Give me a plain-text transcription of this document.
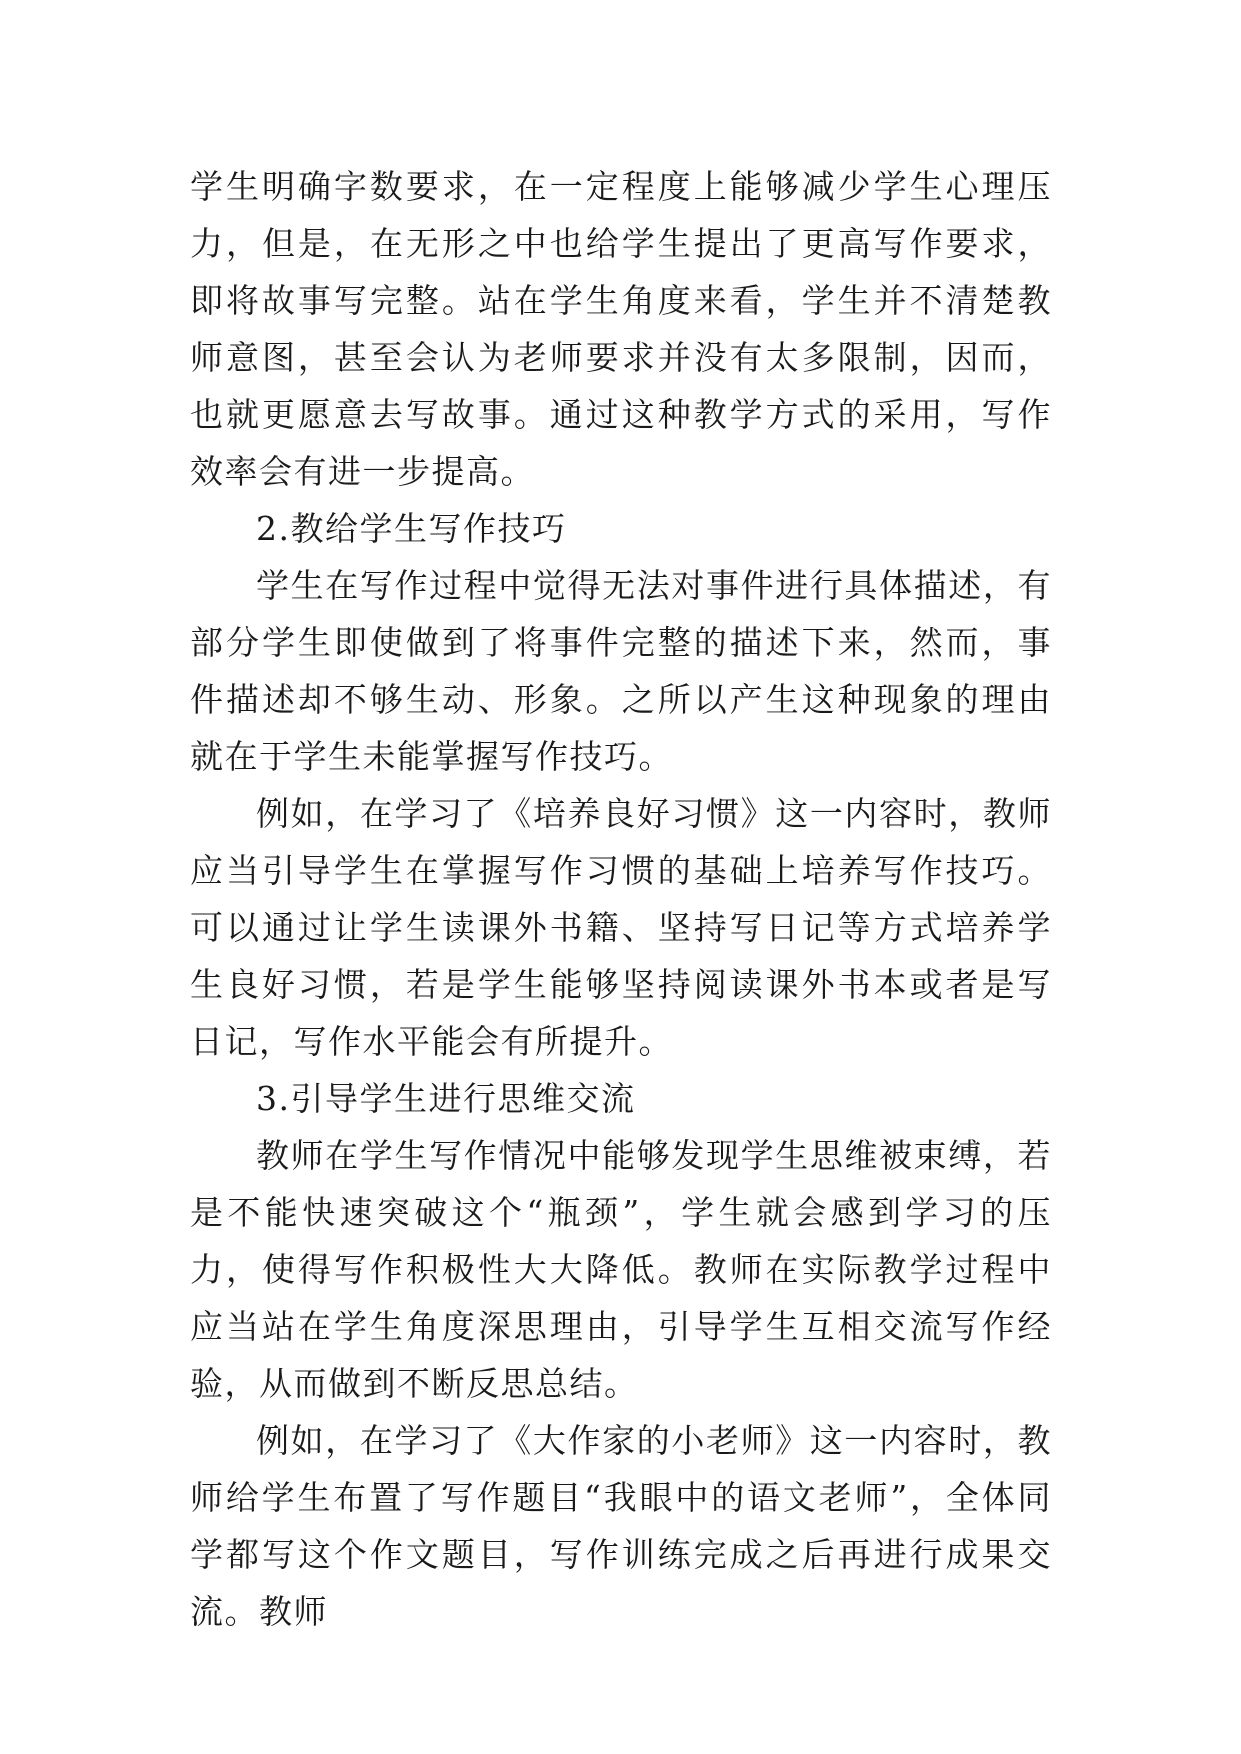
学生明确字数要求，在一定程度上能够减少学生心理压力，但是，在无形之中也给学生提出了更高写作要求，即将故事写完整。站在学生角度来看，学生并不清楚教师意图，甚至会认为老师要求并没有太多限制，因而，也就更愿意去写故事。通过这种教学方式的采用，写作效率会有进一步提高。

2.教给学生写作技巧

学生在写作过程中觉得无法对事件进行具体描述，有部分学生即使做到了将事件完整的描述下来，然而，事件描述却不够生动、形象。之所以产生这种现象的理由就在于学生未能掌握写作技巧。

例如，在学习了《培养良好习惯》这一内容时，教师应当引导学生在掌握写作习惯的基础上培养写作技巧。可以通过让学生读课外书籍、坚持写日记等方式培养学生良好习惯，若是学生能够坚持阅读课外书本或者是写日记，写作水平能会有所提升。

3.引导学生进行思维交流

教师在学生写作情况中能够发现学生思维被束缚，若是不能快速突破这个“瓶颈”，学生就会感到学习的压力，使得写作积极性大大降低。教师在实际教学过程中应当站在学生角度深思理由，引导学生互相交流写作经验，从而做到不断反思总结。

例如，在学习了《大作家的小老师》这一内容时，教师给学生布置了写作题目“我眼中的语文老师”，全体同学都写这个作文题目，写作训练完成之后再进行成果交流。教师
